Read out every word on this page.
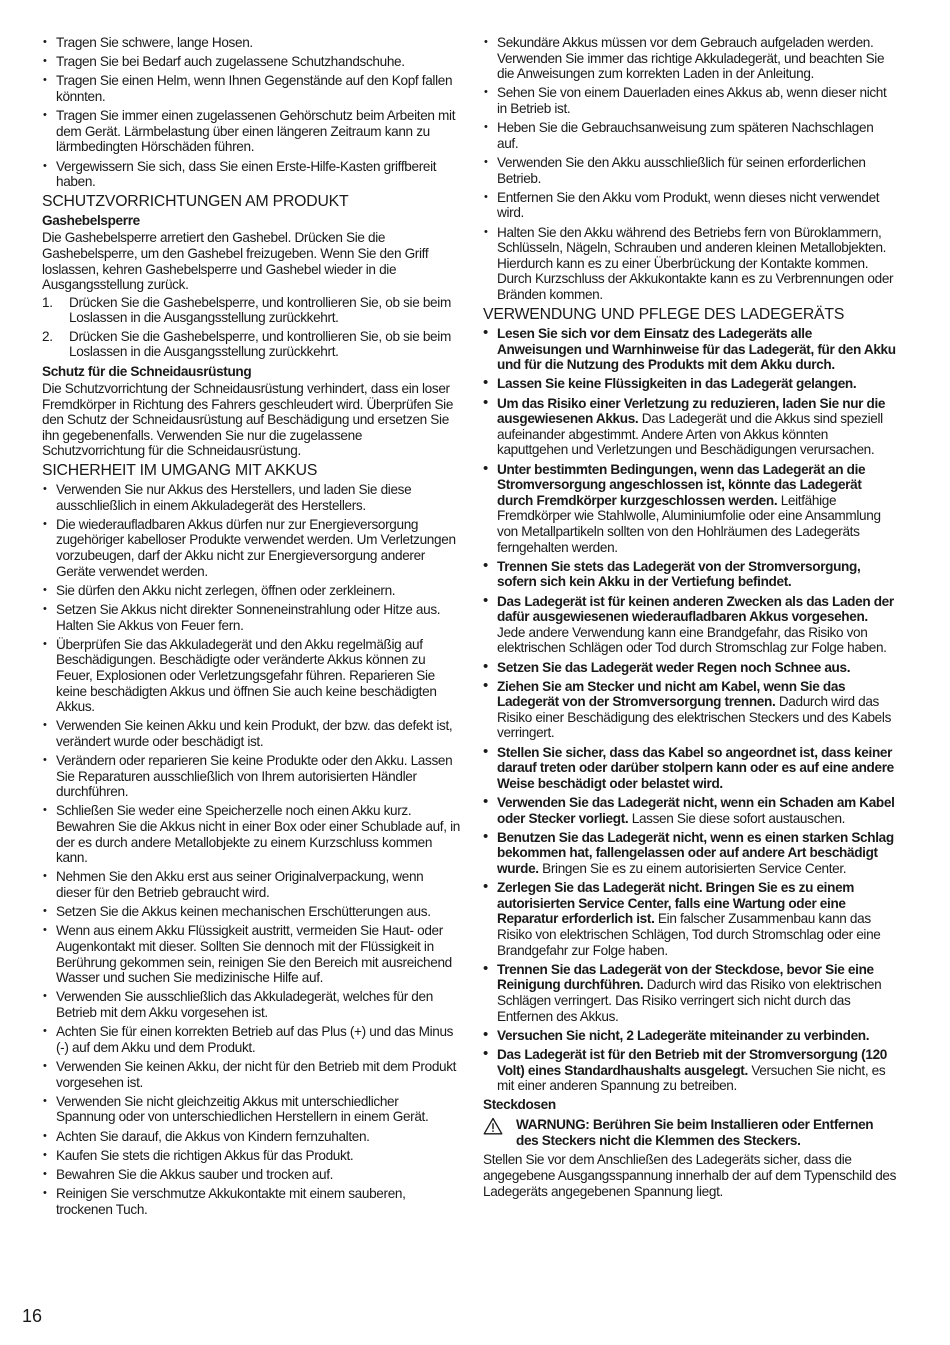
• Tragen Sie schwere, lange Hosen.
• Tragen Sie bei Bedarf auch zugelassene Schutzhandschuhe.
• Tragen Sie einen Helm, wenn Ihnen Gegenstände auf den Kopf fallen könnten.
• Tragen Sie immer einen zugelassenen Gehörschutz beim Arbeiten mit dem Gerät. Lärmbelastung über einen längeren Zeitraum kann zu lärmbedingten Hörschäden führen.
• Vergewissern Sie sich, dass Sie einen Erste-Hilfe-Kasten griffbereit haben.
SCHUTZVORRICHTUNGEN AM PRODUKT
Gashebelsperre

Die Gashebelsperre arretiert den Gashebel. Drücken Sie die Gashebelsperre, um den Gashebel freizugeben. Wenn Sie den Griff loslassen, kehren Gashebelsperre und Gashebel wieder in die Ausgangsstellung zurück.

1. Drücken Sie die Gashebelsperre, und kontrollieren Sie, ob sie beim Loslassen in die Ausgangsstellung zurückkehrt.
2. Drücken Sie die Gashebelsperre, und kontrollieren Sie, ob sie beim Loslassen in die Ausgangsstellung zurückkehrt.
Schutz für die Schneidausrüstung

Die Schutzvorrichtung der Schneidausrüstung verhindert, dass ein loser Fremdkörper in Richtung des Fahrers geschleudert wird. Überprüfen Sie den Schutz der Schneidausrüstung auf Beschädigung und ersetzen Sie ihn gegebenenfalls. Verwenden Sie nur die zugelassene Schutzvorrichtung für die Schneidausrüstung.

SICHERHEIT IM UMGANG MIT AKKUS
• Verwenden Sie nur Akkus des Herstellers, und laden Sie diese ausschließlich in einem Akkuladegerät des Herstellers.
• Die wiederaufladbaren Akkus dürfen nur zur Energieversorgung zugehöriger kabelloser Produkte verwendet werden. Um Verletzungen vorzubeugen, darf der Akku nicht zur Energieversorgung anderer Geräte verwendet werden.
• Sie dürfen den Akku nicht zerlegen, öffnen oder zerkleinern.
• Setzen Sie Akkus nicht direkter Sonneneinstrahlung oder Hitze aus. Halten Sie Akkus von Feuer fern.
• Überprüfen Sie das Akkuladegerät und den Akku regelmäßig auf Beschädigungen. Beschädigte oder veränderte Akkus können zu Feuer, Explosionen oder Verletzungsgefahr führen. Reparieren Sie keine beschädigten Akkus und öffnen Sie auch keine beschädigten Akkus.
• Verwenden Sie keinen Akku und kein Produkt, der bzw. das defekt ist, verändert wurde oder beschädigt ist.
• Verändern oder reparieren Sie keine Produkte oder den Akku. Lassen Sie Reparaturen ausschließlich von Ihrem autorisierten Händler durchführen.
• Schließen Sie weder eine Speicherzelle noch einen Akku kurz. Bewahren Sie die Akkus nicht in einer Box oder einer Schublade auf, in der es durch andere Metallobjekte zu einem Kurzschluss kommen kann.
• Nehmen Sie den Akku erst aus seiner Originalverpackung, wenn dieser für den Betrieb gebraucht wird.
• Setzen Sie die Akkus keinen mechanischen Erschütterungen aus.
• Wenn aus einem Akku Flüssigkeit austritt, vermeiden Sie Haut- oder Augenkontakt mit dieser. Sollten Sie dennoch mit der Flüssigkeit in Berührung gekommen sein, reinigen Sie den Bereich mit ausreichend Wasser und suchen Sie medizinische Hilfe auf.
• Verwenden Sie ausschließlich das Akkuladegerät, welches für den Betrieb mit dem Akku vorgesehen ist.
• Achten Sie für einen korrekten Betrieb auf das Plus (+) und das Minus (-) auf dem Akku und dem Produkt.
• Verwenden Sie keinen Akku, der nicht für den Betrieb mit dem Produkt vorgesehen ist.
• Verwenden Sie nicht gleichzeitig Akkus mit unterschiedlicher Spannung oder von unterschiedlichen Herstellern in einem Gerät.
• Achten Sie darauf, die Akkus von Kindern fernzuhalten.
• Kaufen Sie stets die richtigen Akkus für das Produkt.
• Bewahren Sie die Akkus sauber und trocken auf.
• Reinigen Sie verschmutze Akkukontakte mit einem sauberen, trockenen Tuch.
• Sekundäre Akkus müssen vor dem Gebrauch aufgeladen werden. Verwenden Sie immer das richtige Akkuladegerät, und beachten Sie die Anweisungen zum korrekten Laden in der Anleitung.
• Sehen Sie von einem Dauerladen eines Akkus ab, wenn dieser nicht in Betrieb ist.
• Heben Sie die Gebrauchsanweisung zum späteren Nachschlagen auf.
• Verwenden Sie den Akku ausschließlich für seinen erforderlichen Betrieb.
• Entfernen Sie den Akku vom Produkt, wenn dieses nicht verwendet wird.
• Halten Sie den Akku während des Betriebs fern von Büroklammern, Schlüsseln, Nägeln, Schrauben und anderen kleinen Metallobjekten. Hierdurch kann es zu einer Überbrückung der Kontakte kommen. Durch Kurzschluss der Akkukontakte kann es zu Verbrennungen oder Bränden kommen.
VERWENDUNG UND PFLEGE DES LADEGERÄTS
• Lesen Sie sich vor dem Einsatz des Ladegeräts alle Anweisungen und Warnhinweise für das Ladegerät, für den Akku und für die Nutzung des Produkts mit dem Akku durch.
• Lassen Sie keine Flüssigkeiten in das Ladegerät gelangen.
• Um das Risiko einer Verletzung zu reduzieren, laden Sie nur die ausgewiesenen Akkus. Das Ladegerät und die Akkus sind speziell aufeinander abgestimmt. Andere Arten von Akkus könnten kaputtgehen und Verletzungen und Beschädigungen verursachen.
• Unter bestimmten Bedingungen, wenn das Ladegerät an die Stromversorgung angeschlossen ist, könnte das Ladegerät durch Fremdkörper kurzgeschlossen werden. Leitfähige Fremdkörper wie Stahlwolle, Aluminiumfolie oder eine Ansammlung von Metallpartikeln sollten von den Hohlräumen des Ladegeräts ferngehalten werden.
• Trennen Sie stets das Ladegerät von der Stromversorgung, sofern sich kein Akku in der Vertiefung befindet.
• Das Ladegerät ist für keinen anderen Zwecken als das Laden der dafür ausgewiesenen wiederaufladbaren Akkus vorgesehen. Jede andere Verwendung kann eine Brandgefahr, das Risiko von elektrischen Schlägen oder Tod durch Stromschlag zur Folge haben.
• Setzen Sie das Ladegerät weder Regen noch Schnee aus.
• Ziehen Sie am Stecker und nicht am Kabel, wenn Sie das Ladegerät von der Stromversorgung trennen. Dadurch wird das Risiko einer Beschädigung des elektrischen Steckers und des Kabels verringert.
• Stellen Sie sicher, dass das Kabel so angeordnet ist, dass keiner darauf treten oder darüber stolpern kann oder es auf eine andere Weise beschädigt oder belastet wird.
• Verwenden Sie das Ladegerät nicht, wenn ein Schaden am Kabel oder Stecker vorliegt. Lassen Sie diese sofort austauschen.
• Benutzen Sie das Ladegerät nicht, wenn es einen starken Schlag bekommen hat, fallengelassen oder auf andere Art beschädigt wurde. Bringen Sie es zu einem autorisierten Service Center.
• Zerlegen Sie das Ladegerät nicht. Bringen Sie es zu einem autorisierten Service Center, falls eine Wartung oder eine Reparatur erforderlich ist. Ein falscher Zusammenbau kann das Risiko von elektrischen Schlägen, Tod durch Stromschlag oder eine Brandgefahr zur Folge haben.
• Trennen Sie das Ladegerät von der Steckdose, bevor Sie eine Reinigung durchführen. Dadurch wird das Risiko von elektrischen Schlägen verringert. Das Risiko verringert sich nicht durch das Entfernen des Akkus.
• Versuchen Sie nicht, 2 Ladegeräte miteinander zu verbinden.
• Das Ladegerät ist für den Betrieb mit der Stromversorgung (120 Volt) eines Standardhaushalts ausgelegt. Versuchen Sie nicht, es mit einer anderen Spannung zu betreiben.
Steckdosen
WARNUNG: Berühren Sie beim Installieren oder Entfernen des Steckers nicht die Klemmen des Steckers.

Stellen Sie vor dem Anschließen des Ladegeräts sicher, dass die angegebene Ausgangsspannung innerhalb der auf dem Typenschild des Ladegeräts angegebenen Spannung liegt.

16
